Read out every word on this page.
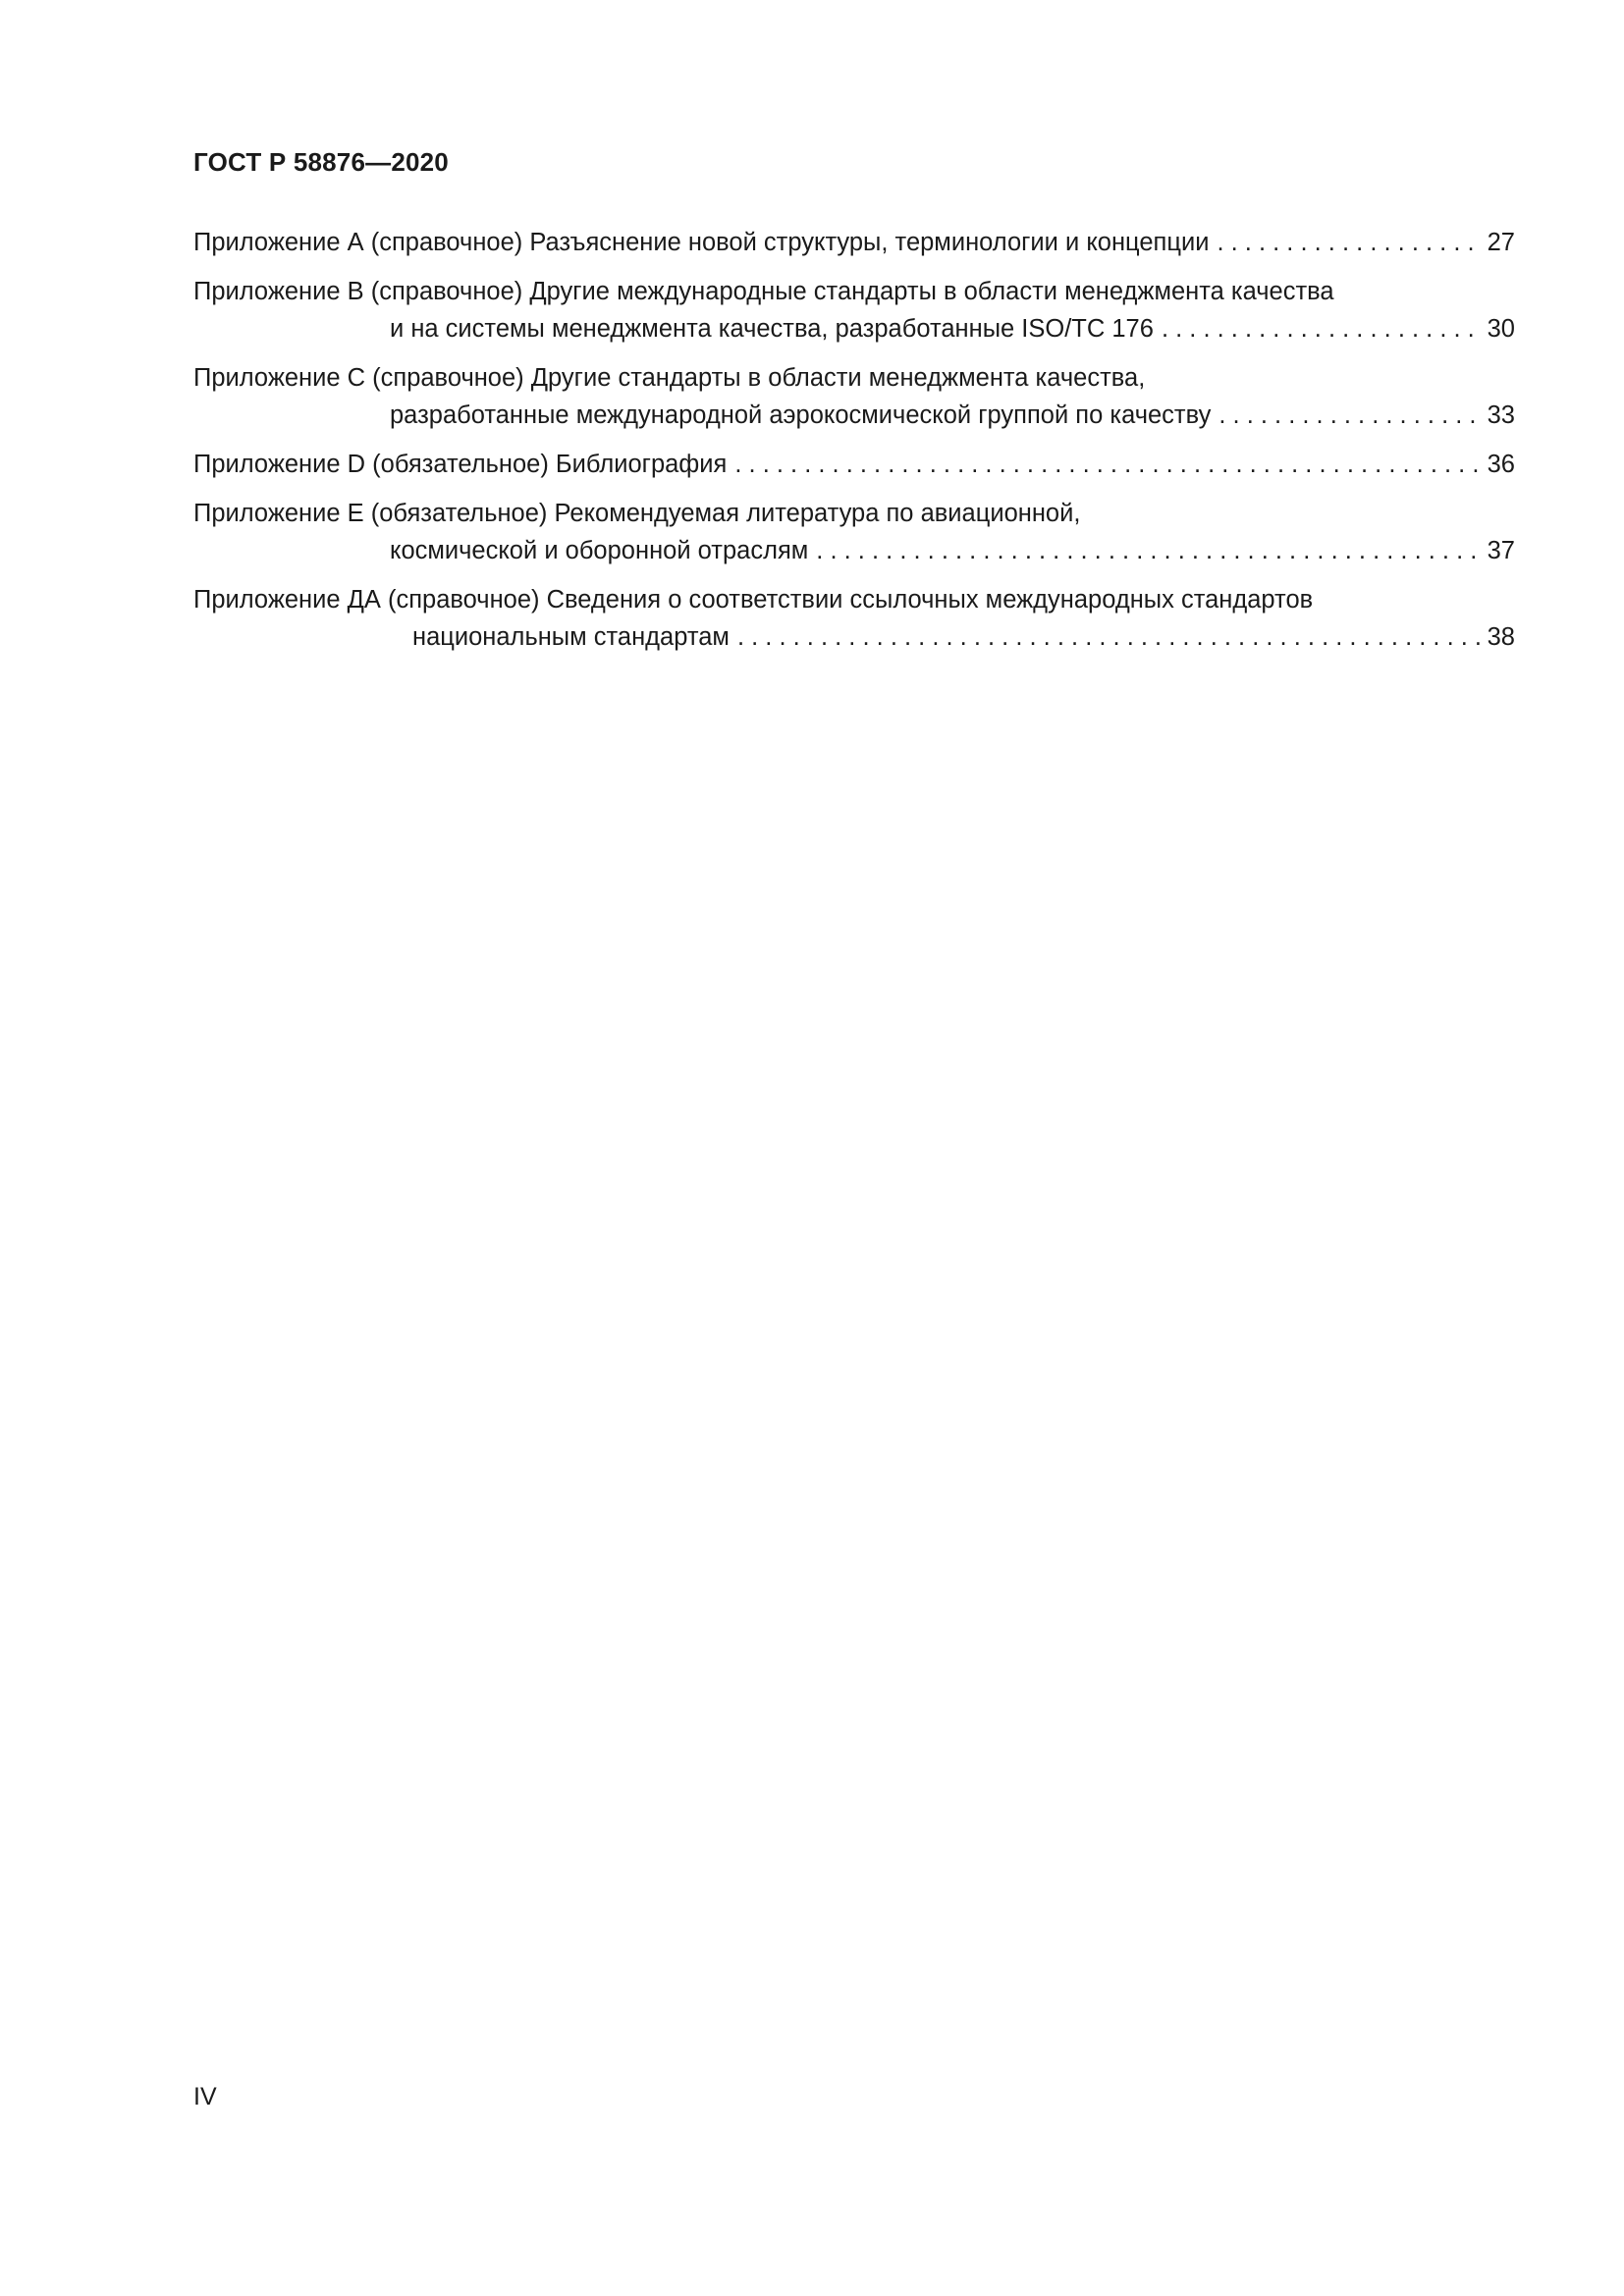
ГОСТ Р 58876—2020
Приложение А (справочное) Разъяснение новой структуры, терминологии и концепции . . .	27
Приложение В (справочное) Другие международные стандарты в области менеджмента качества
и на системы менеджмента качества, разработанные ISO/TC 176 . . .	30
Приложение С (справочное) Другие стандарты в области менеджмента качества,
разработанные международной аэрокосмической группой по качеству . . .	33
Приложение D (обязательное) Библиография . . .	36
Приложение Е (обязательное) Рекомендуемая литература по авиационной,
космической и оборонной отраслям . . .	37
Приложение ДА (справочное) Сведения о соответствии ссылочных международных стандартов
национальным стандартам . . .	38
IV
